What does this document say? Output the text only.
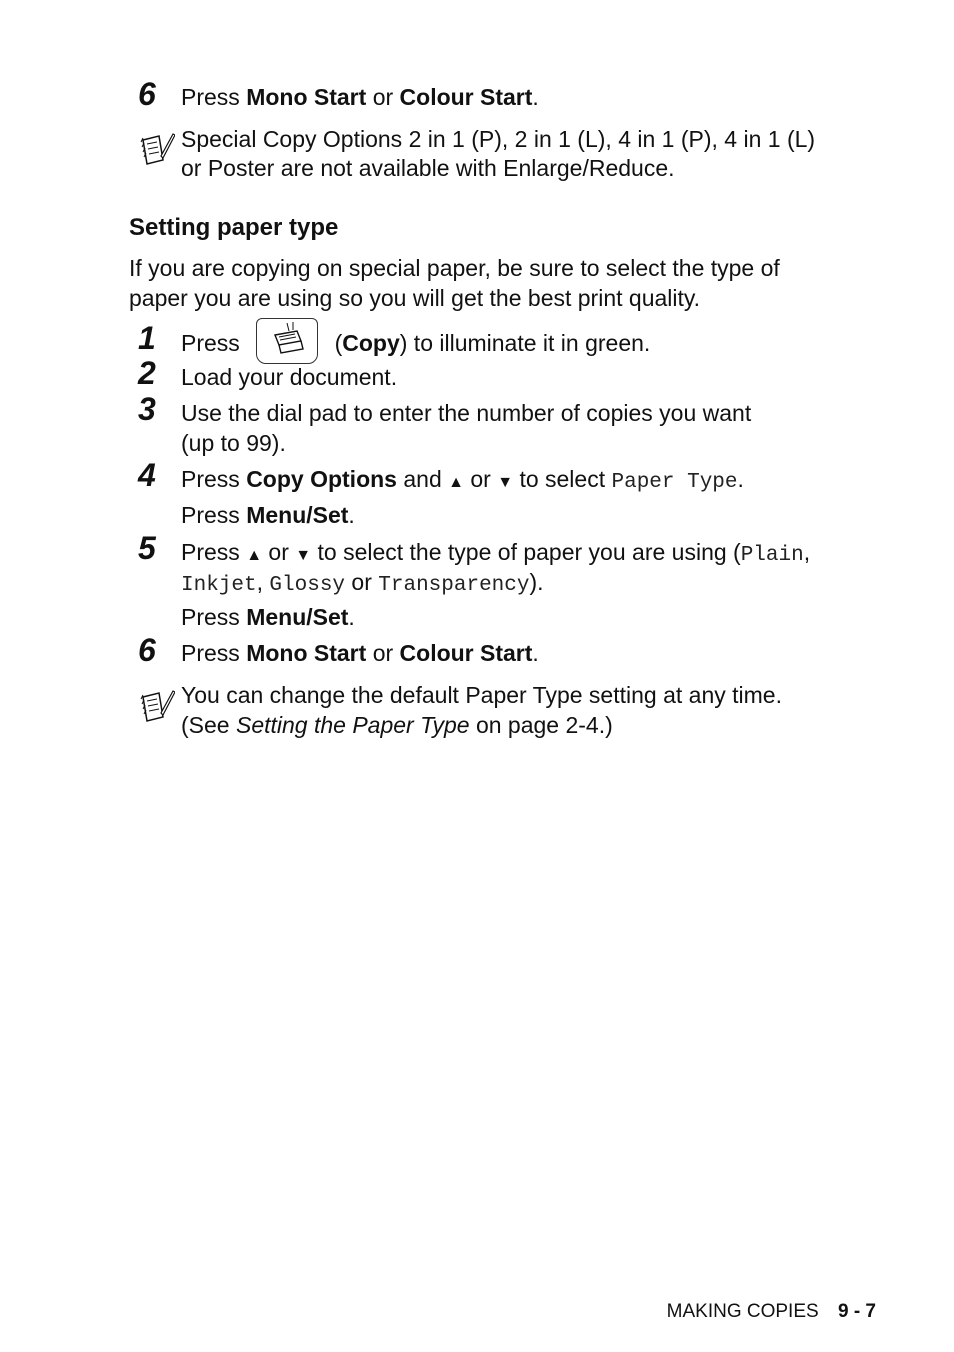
6 Press Mono Start or Colour Start.
Special Copy Options 2 in 1 (P), 2 in 1 (L), 4 in 1 (P), 4 in 1 (L)
or Poster are not available with Enlarge/Reduce.
Setting paper type
If you are copying on special paper, be sure to select the type of
paper you are using so you will get the best print quality.
1 Press	(Copy) to illuminate it in green.
2 Load your document.
3 Use the dial pad to enter the number of copies you want
(up to 99).
4 Press Copy Options and ▲ or ▼ to select Paper Type.
Press Menu/Set.
5 Press ▲ or ▼ to select the type of paper you are using (Plain,
Inkjet, Glossy or Transparency).
Press Menu/Set.
6 Press Mono Start or Colour Start.
You can change the default Paper Type setting at any time.
(See Setting the Paper Type on page 2-4.)
MAKING COPIES 9 - 7
